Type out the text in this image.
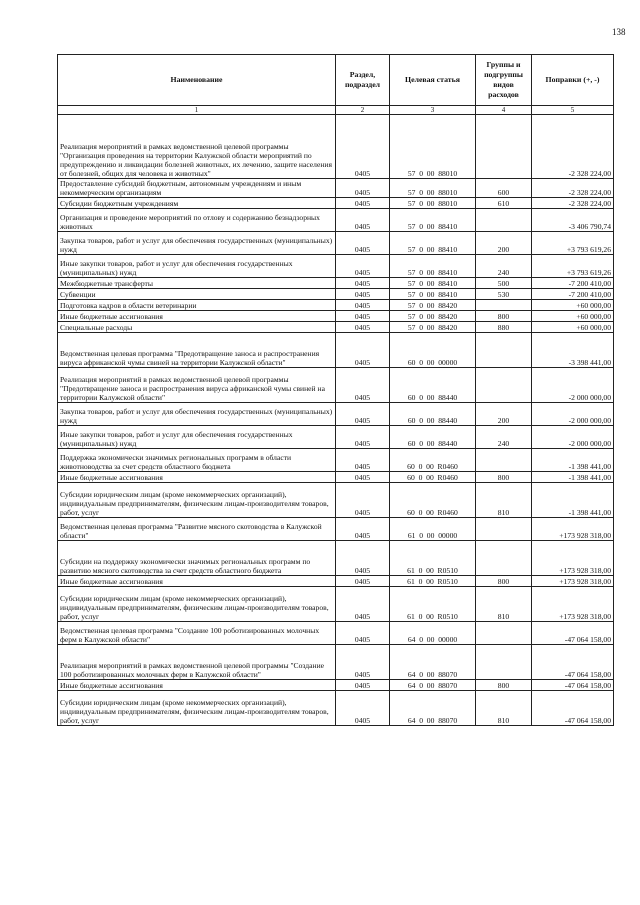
138
Наименование	Раздел, подраздел	Целевая статья	Группы и подгруппы видов расходов	Поправки (+, -)
1	2	3	4	5
Реализация мероприятий в рамках ведомственной целевой программы "Организация проведения на территории Калужской области мероприятий по предупреждению и ликвидации болезней животных, их лечению, защите населения от болезней, общих для человека и животных"	0405	57  0  00  88010		-2 328 224,00
Предоставление субсидий бюджетным, автономным учреждениям и иным некоммерческим организациям	0405	57  0  00  88010	600	-2 328 224,00
Субсидии бюджетным учреждениям	0405	57  0  00  88010	610	-2 328 224,00
Организация и проведение мероприятий по отлову и содержанию безнадзорных животных	0405	57  0  00  88410		-3 406 790,74
Закупка товаров, работ и услуг для обеспечения государственных (муниципальных) нужд	0405	57  0  00  88410	200	+3 793 619,26
Иные закупки товаров, работ и услуг для обеспечения государственных (муниципальных) нужд	0405	57  0  00  88410	240	+3 793 619,26
Межбюджетные трансферты	0405	57  0  00  88410	500	-7 200 410,00
Субвенции	0405	57  0  00  88410	530	-7 200 410,00
Подготовка кадров в области ветеринарии	0405	57  0  00  88420		+60 000,00
Иные бюджетные ассигнования	0405	57  0  00  88420	800	+60 000,00
Специальные расходы	0405	57  0  00  88420	880	+60 000,00
Ведомственная целевая программа "Предотвращение заноса и распространения вируса африканской чумы свиней на территории Калужской области"	0405	60  0  00  00000		-3 398 441,00
Реализация мероприятий в рамках ведомственной целевой программы "Предотвращение заноса и распространения вируса африканской чумы свиней на территории Калужской области"	0405	60  0  00  88440		-2 000 000,00
Закупка товаров, работ и услуг для обеспечения государственных (муниципальных) нужд	0405	60  0  00  88440	200	-2 000 000,00
Иные закупки товаров, работ и услуг для обеспечения государственных (муниципальных) нужд	0405	60  0  00  88440	240	-2 000 000,00
Поддержка экономически значимых региональных программ в области животноводства за счет средств областного бюджета	0405	60  0  00  R0460		-1 398 441,00
Иные бюджетные ассигнования	0405	60  0  00  R0460	800	-1 398 441,00
Субсидии юридическим лицам (кроме некоммерческих организаций), индивидуальным предпринимателям, физическим лицам-производителям товаров, работ, услуг	0405	60  0  00  R0460	810	-1 398 441,00
Ведомственная целевая программа "Развитие мясного скотоводства в Калужской области"	0405	61  0  00  00000		+173 928 318,00
Субсидии на поддержку экономически значимых региональных программ по развитию мясного скотоводства за счет средств областного бюджета	0405	61  0  00  R0510		+173 928 318,00
Иные бюджетные ассигнования	0405	61  0  00  R0510	800	+173 928 318,00
Субсидии юридическим лицам (кроме некоммерческих организаций), индивидуальным предпринимателям, физическим лицам-производителям товаров, работ, услуг	0405	61  0  00  R0510	810	+173 928 318,00
Ведомственная целевая программа "Создание 100 роботизированных молочных ферм в Калужской области"	0405	64  0  00  00000		-47 064 158,00
Реализация мероприятий в рамках ведомственной целевой программы "Создание 100 роботизированных молочных ферм в Калужской области"	0405	64  0  00  88070		-47 064 158,00
Иные бюджетные ассигнования	0405	64  0  00  88070	800	-47 064 158,00
Субсидии юридическим лицам (кроме некоммерческих организаций), индивидуальным предпринимателям, физическим лицам-производителям товаров, работ, услуг	0405	64  0  00  88070	810	-47 064 158,00
